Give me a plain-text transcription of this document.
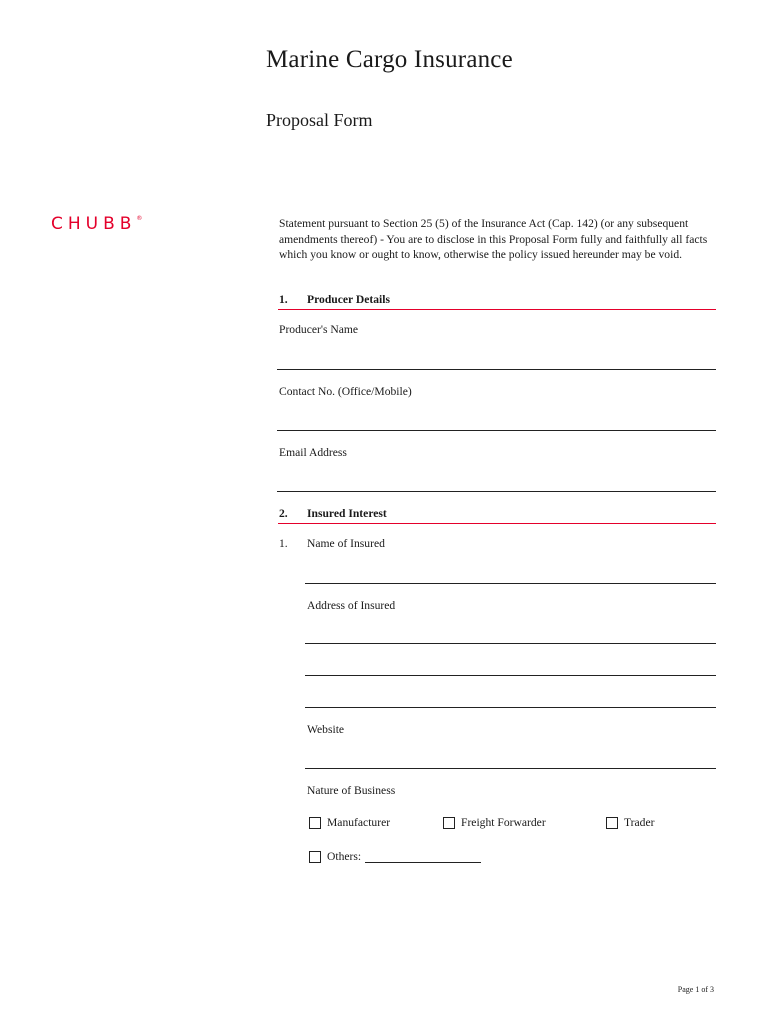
Marine Cargo Insurance
Proposal Form
CHUBB®	Statement pursuant to Section 25 (5) of the Insurance Act (Cap. 142) (or any subsequent amendments thereof) - You are to disclose in this Proposal Form fully and faithfully all facts which you know or ought to know, otherwise the policy issued hereunder may be void.
1. Producer Details
Producer's Name
Contact No. (Office/Mobile)
Email Address
2. Insured Interest
1. Name of Insured
Address of Insured
Website
Nature of Business
Manufacturer	Freight Forwarder	Trader
Others:
Page 1 of 3
